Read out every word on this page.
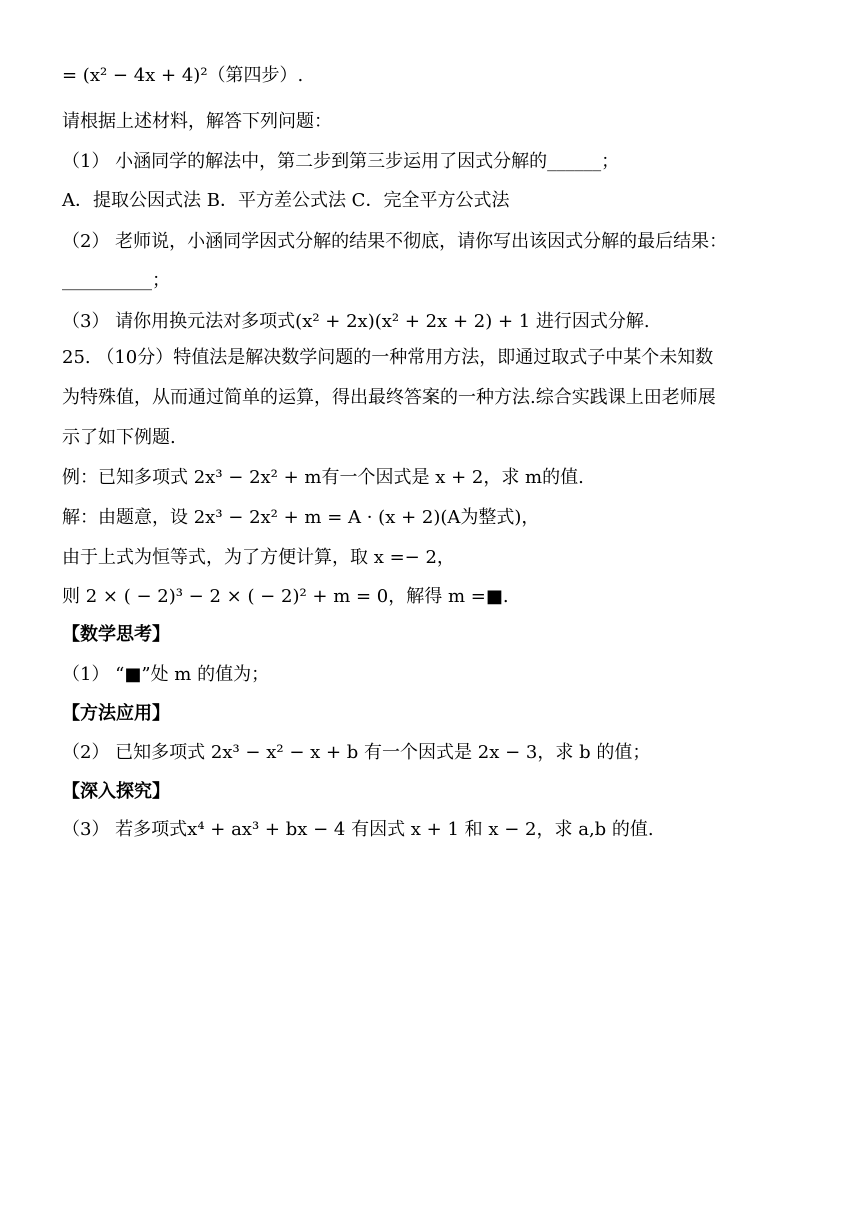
= (x² − 4x + 4)²（第四步）.
请根据上述材料，解答下列问题：
（1） 小涵同学的解法中，第二步到第三步运用了因式分解的______；
A．提取公因式法 B．平方差公式法 C．完全平方公式法
（2） 老师说，小涵同学因式分解的结果不彻底，请你写出该因式分解的最后结果：
__________；
（3） 请你用换元法对多项式(x² + 2x)(x² + 2x + 2) + 1 进行因式分解.
25. （10分）特值法是解决数学问题的一种常用方法，即通过取式子中某个未知数
为特殊值，从而通过简单的运算，得出最终答案的一种方法.综合实践课上田老师展
示了如下例题.
例：已知多项式 2x³ − 2x² + m有一个因式是 x + 2，求 m的值.
解：由题意，设 2x³ − 2x² + m = A · (x + 2)(A为整式)，
由于上式为恒等式，为了方便计算，取 x =− 2，
则 2 × ( − 2)³ − 2 × ( − 2)² + m = 0，解得 m =■.
【数学思考】
（1） “■”处 m 的值为；
【方法应用】
（2） 已知多项式 2x³ − x² − x + b 有一个因式是 2x − 3，求 b 的值；
【深入探究】
（3） 若多项式x⁴ + ax³ + bx − 4 有因式 x + 1 和 x − 2，求 a,b 的值.
